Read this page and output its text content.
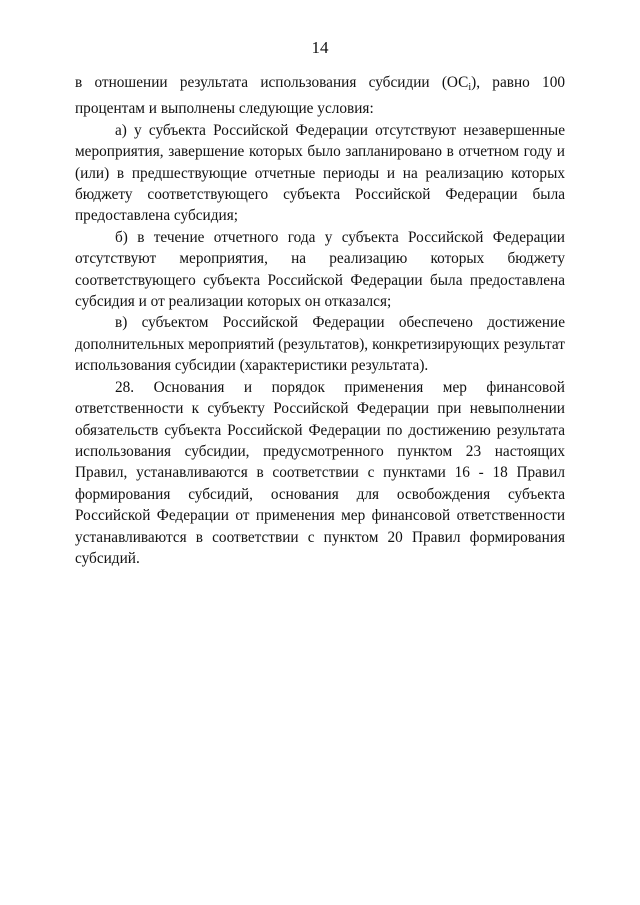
14

в отношении результата использования субсидии $(ОС_i)$, равно 100 процентам и выполнены следующие условия:

а) у субъекта Российской Федерации отсутствуют незавершенные мероприятия, завершение которых было запланировано в отчетном году и (или) в предшествующие отчетные периоды и на реализацию которых бюджету соответствующего субъекта Российской Федерации была предоставлена субсидия;

б) в течение отчетного года у субъекта Российской Федерации отсутствуют мероприятия, на реализацию которых бюджету соответствующего субъекта Российской Федерации была предоставлена субсидия и от реализации которых он отказался;

в) субъектом Российской Федерации обеспечено достижение дополнительных мероприятий (результатов), конкретизирующих результат использования субсидии (характеристики результата).

28. Основания и порядок применения мер финансовой ответственности к субъекту Российской Федерации при невыполнении обязательств субъекта Российской Федерации по достижению результата использования субсидии, предусмотренного пунктом 23 настоящих Правил, устанавливаются в соответствии с пунктами 16 - 18 Правил формирования субсидий, основания для освобождения субъекта Российской Федерации от применения мер финансовой ответственности устанавливаются в соответствии с пунктом 20 Правил формирования субсидий.
